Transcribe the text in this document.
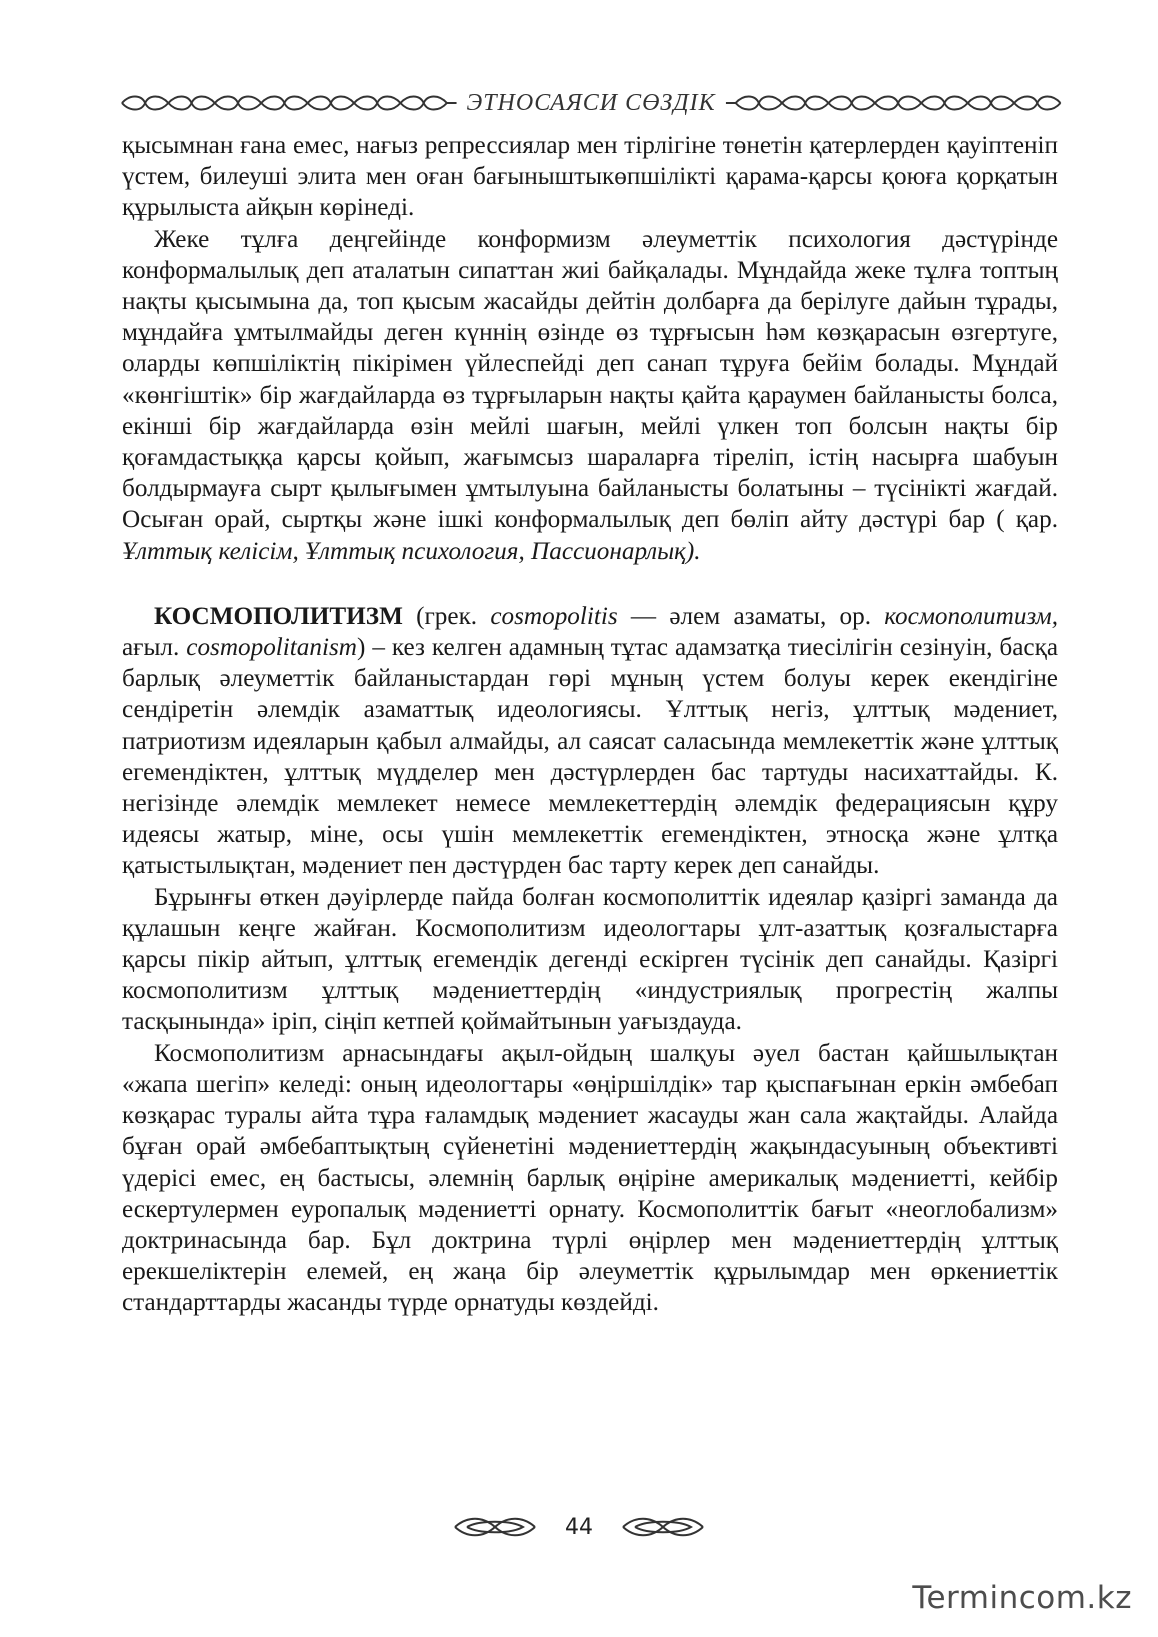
ЭТНОСАЯСИ СӨЗДІК

қысымнан ғана емес, нағыз репрессиялар мен тірлігіне төнетін қатерлерден қауіптеніп үстем, билеуші элита мен оған бағыныштыкөпшілікті қарама-қарсы қоюға қорқатын құрылыста айқын көрінеді.

Жеке тұлға деңгейінде конформизм әлеуметтік психология дәстүрінде конформалылық деп аталатын сипаттан жиі байқалады. Мұндайда жеке тұлға топтың нақты қысымына да, топ қысым жасайды дейтін долбарға да берілуге дайын тұрады, мұндайға ұмтылмайды деген күннің өзінде өз тұрғысын һәм көзқарасын өзгертуге, оларды көпшіліктің пікірімен үйлеспейді деп санап тұруға бейім болады. Мұндай «көнгіштік» бір жағдайларда өз тұрғыларын нақты қайта қараумен байланысты болса, екінші бір жағдайларда өзін мейлі шағын, мейлі үлкен топ болсын нақты бір қоғамдастыққа қарсы қойып, жағымсыз шараларға тіреліп, істің насырға шабуын болдырмауға сырт қылығымен ұмтылуына байланысты болатыны – түсінікті жағдай. Осыған орай, сыртқы және ішкі конформалылық деп бөліп айту дәстүрі бар ( қар. Ұлттық келісім, Ұлттық психология, Пассионарлық).

КОСМОПОЛИТИЗМ (грек. cosmopolitis — әлем азаматы, ор. космополитизм, ағыл. cosmopolitanism) – кез келген адамның тұтас адамзатқа тиесілігін сезінуін, басқа барлық әлеуметтік байланыстардан гөрі мұның үстем болуы керек екендігіне сендіретін әлемдік азаматтық идеологиясы. Ұлттық негіз, ұлттық мәдениет, патриотизм идеяларын қабыл алмайды, ал саясат саласында мемлекеттік және ұлттық егемендіктен, ұлттық мүдделер мен дәстүрлерден бас тартуды насихаттайды. К. негізінде әлемдік мемлекет немесе мемлекеттердің әлемдік федерациясын құру идеясы жатыр, міне, осы үшін мемлекеттік егемендіктен, этносқа және ұлтқа қатыстылықтан, мәдениет пен дәстүрден бас тарту керек деп санайды.

Бұрынғы өткен дәуірлерде пайда болған космополиттік идеялар қазіргі заманда да құлашын кеңге жайған. Космополитизм идеологтары ұлт-азаттық қозғалыстарға қарсы пікір айтып, ұлттық егемендік дегенді ескірген түсінік деп санайды. Қазіргі космополитизм ұлттық мәдениеттердің «индустриялық прогрестің жалпы тасқынында» іріп, сіңіп кетпей қоймайтынын уағыздауда.

Космополитизм арнасындағы ақыл-ойдың шалқуы әуел бастан қайшылықтан «жапа шегіп» келеді: оның идеологтары «өңіршілдік» тар қыспағынан еркін әмбебап көзқарас туралы айта тұра ғаламдық мәдениет жасауды жан сала жақтайды. Алайда бұған орай әмбебаптықтың сүйенетіні мәдениеттердің жақындасуының объективті үдерісі емес, ең бастысы, әлемнің барлық өңіріне америкалық мәдениетті, кейбір ескертулермен еуропалық мәдениетті орнату. Космополиттік бағыт «неоглобализм» доктринасында бар. Бұл доктрина түрлі өңірлер мен мәдениеттердің ұлттық ерекшеліктерін елемей, ең жаңа бір әлеуметтік құрылымдар мен өркениеттік стандарттарды жасанды түрде орнатуды көздейді.

44
Termincom.kz
